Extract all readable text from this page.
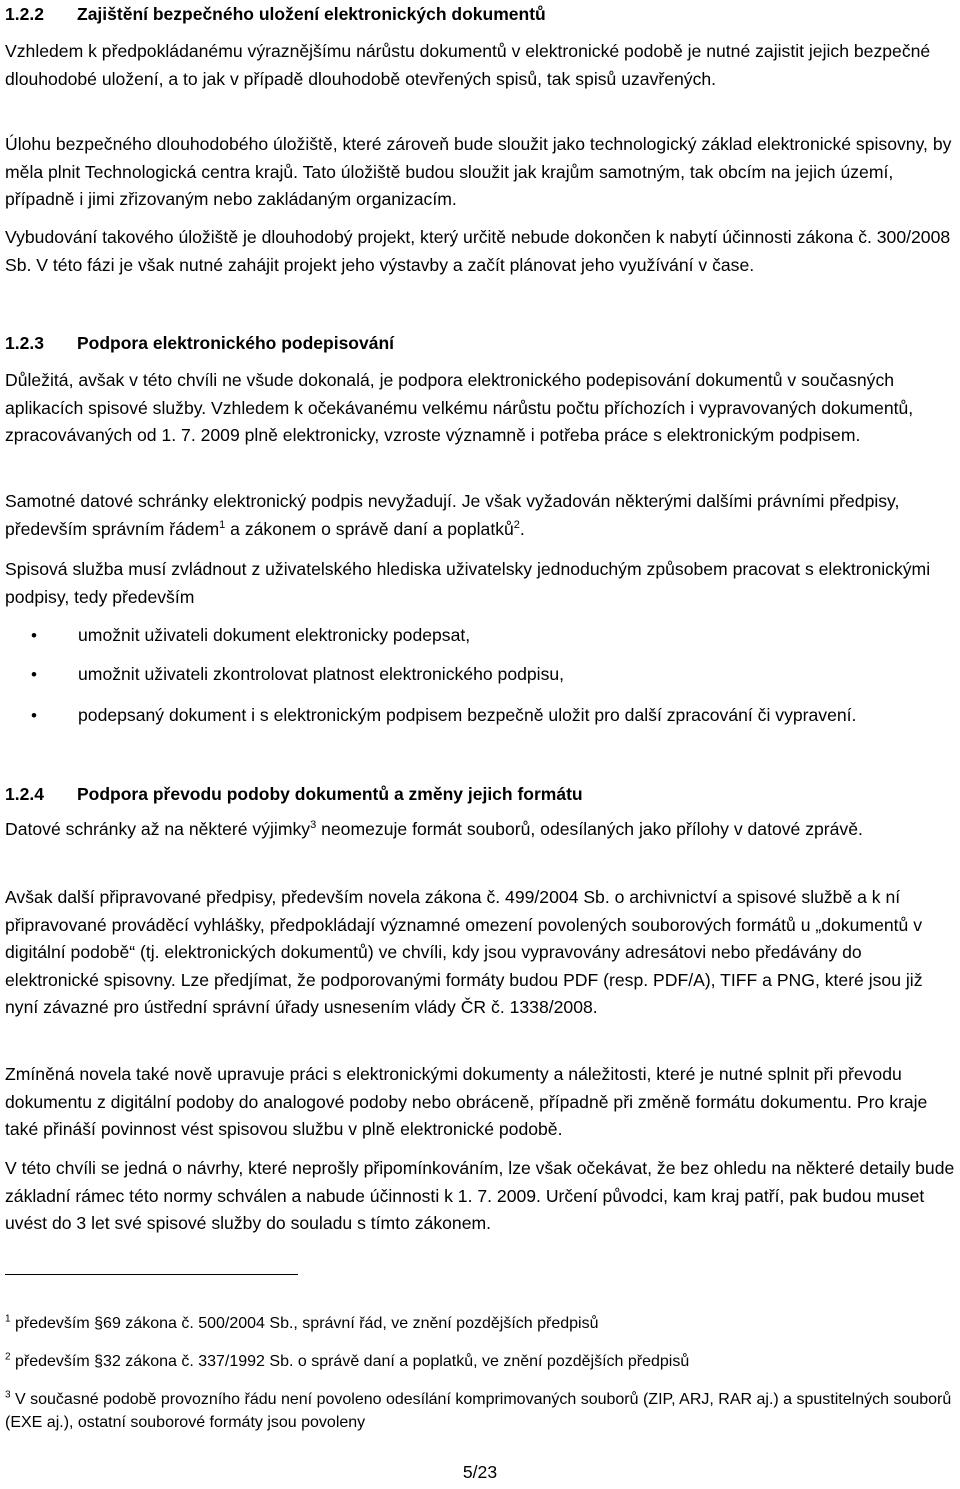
1.2.2 Zajištění bezpečného uložení elektronických dokumentů

Vzhledem k předpokládanému výraznějšímu nárůstu dokumentů v elektronické podobě je nutné zajistit jejich bezpečné dlouhodobé uložení, a to jak v případě dlouhodobě otevřených spisů, tak spisů uzavřených.

Úlohu bezpečného dlouhodobého úložiště, které zároveň bude sloužit jako technologický základ elektronické spisovny, by měla plnit Technologická centra krajů. Tato úložiště budou sloužit jak krajům samotným, tak obcím na jejich území, případně i jimi zřizovaným nebo zakládaným organizacím.

Vybudování takového úložiště je dlouhodobý projekt, který určitě nebude dokončen k nabytí účinnosti zákona č. 300/2008 Sb. V této fázi je však nutné zahájit projekt jeho výstavby a začít plánovat jeho využívání v čase.

1.2.3 Podpora elektronického podepisování

Důležitá, avšak v této chvíli ne všude dokonalá, je podpora elektronického podepisování dokumentů v současných aplikacích spisové služby. Vzhledem k očekávanému velkému nárůstu počtu příchozích i vypravovaných dokumentů, zpracovávaných od 1. 7. 2009 plně elektronicky, vzroste významně i potřeba práce s elektronickým podpisem.

Samotné datové schránky elektronický podpis nevyžadují. Je však vyžadován některými dalšími právními předpisy, především správním řádem$^1$ a zákonem o správě daní a poplatků$^2$.

Spisová služba musí zvládnout z uživatelského hlediska uživatelsky jednoduchým způsobem pracovat s elektronickými podpisy, tedy především

• umožnit uživateli dokument elektronicky podepsat,
• umožnit uživateli zkontrolovat platnost elektronického podpisu,
• podepsaný dokument i s elektronickým podpisem bezpečně uložit pro další zpracování či vypravení.
1.2.4 Podpora převodu podoby dokumentů a změny jejich formátu

Datové schránky až na některé výjimky$^3$ neomezuje formát souborů, odesílaných jako přílohy v datové zprávě.

Avšak další připravované předpisy, především novela zákona č. 499/2004 Sb. o archivnictví a spisové službě a k ní připravované prováděcí vyhlášky, předpokládají významné omezení povolených souborových formátů u „dokumentů v digitální podobě“ (tj. elektronických dokumentů) ve chvíli, kdy jsou vypravovány adresátovi nebo předávány do elektronické spisovny. Lze předjímat, že podporovanými formáty budou PDF (resp. PDF/A), TIFF a PNG, které jsou již nyní závazné pro ústřední správní úřady usnesením vlády ČR č. 1338/2008.

Zmíněná novela také nově upravuje práci s elektronickými dokumenty a náležitosti, které je nutné splnit při převodu dokumentu z digitální podoby do analogové podoby nebo obráceně, případně při změně formátu dokumentu. Pro kraje také přináší povinnost vést spisovou službu v plně elektronické podobě.

V této chvíli se jedná o návrhy, které neprošly připomínkováním, lze však očekávat, že bez ohledu na některé detaily bude základní rámec této normy schválen a nabude účinnosti k 1. 7. 2009. Určení původci, kam kraj patří, pak budou muset uvést do 3 let své spisové služby do souladu s tímto zákonem.

$^1$ především §69 zákona č. 500/2004 Sb., správní řád, ve znění pozdějších předpisů

$^2$ především §32 zákona č. 337/1992 Sb. o správě daní a poplatků, ve znění pozdějších předpisů

$^3$ V současné podobě provozního řádu není povoleno odesílání komprimovaných souborů (ZIP, ARJ, RAR aj.) a spustitelných souborů (EXE aj.), ostatní souborové formáty jsou povoleny

5/23
